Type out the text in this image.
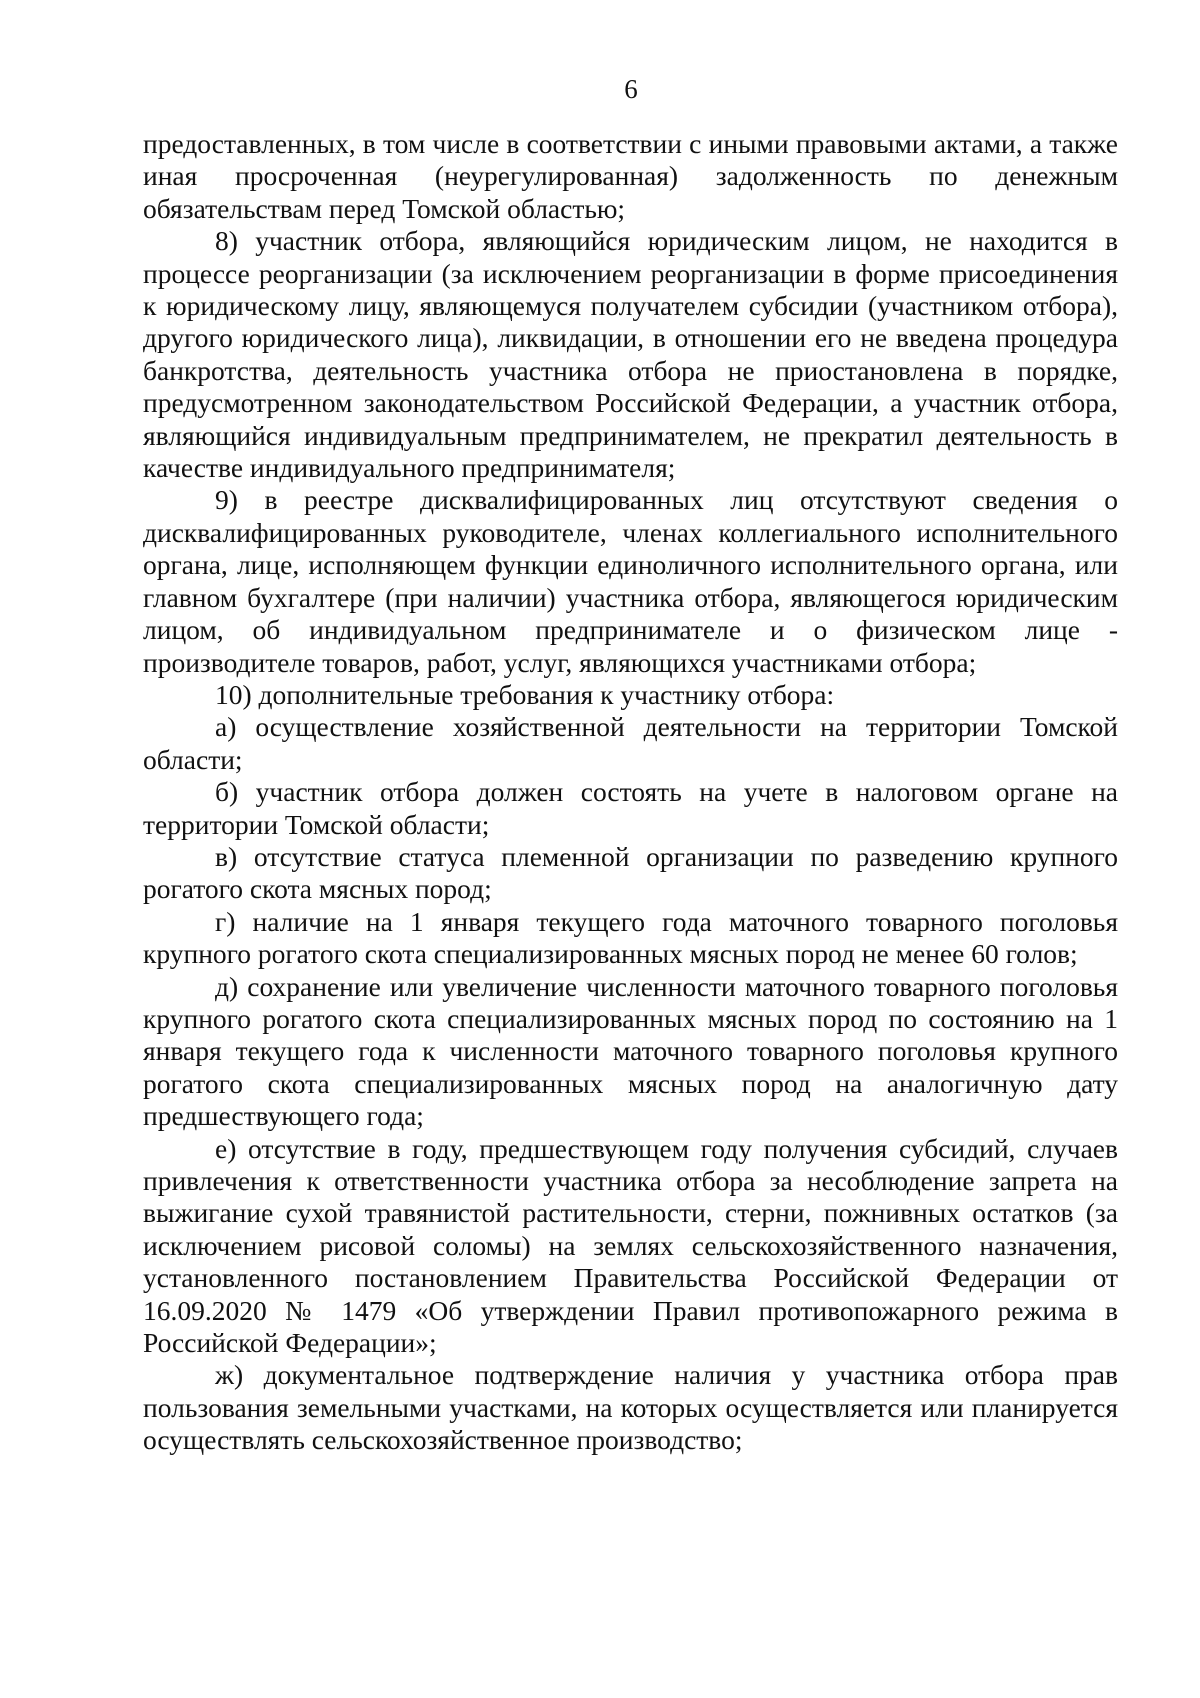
6

предоставленных, в том числе в соответствии с иными правовыми актами, а также иная просроченная (неурегулированная) задолженность по денежным обязательствам перед Томской областью;

8) участник отбора, являющийся юридическим лицом, не находится в процессе реорганизации (за исключением реорганизации в форме присоединения к юридическому лицу, являющемуся получателем субсидии (участником отбора), другого юридического лица), ликвидации, в отношении его не введена процедура банкротства, деятельность участника отбора не приостановлена в порядке, предусмотренном законодательством Российской Федерации, а участник отбора, являющийся индивидуальным предпринимателем, не прекратил деятельность в качестве индивидуального предпринимателя;

9) в реестре дисквалифицированных лиц отсутствуют сведения о дисквалифицированных руководителе, членах коллегиального исполнительного органа, лице, исполняющем функции единоличного исполнительного органа, или главном бухгалтере (при наличии) участника отбора, являющегося юридическим лицом, об индивидуальном предпринимателе и о физическом лице - производителе товаров, работ, услуг, являющихся участниками отбора;

10) дополнительные требования к участнику отбора:

а) осуществление хозяйственной деятельности на территории Томской области;

б) участник отбора должен состоять на учете в налоговом органе на территории Томской области;

в) отсутствие статуса племенной организации по разведению крупного рогатого скота мясных пород;

г) наличие на 1 января текущего года маточного товарного поголовья крупного рогатого скота специализированных мясных пород не менее 60 голов;

д) сохранение или увеличение численности маточного товарного поголовья крупного рогатого скота специализированных мясных пород по состоянию на 1 января текущего года к численности маточного товарного поголовья крупного рогатого скота специализированных мясных пород на аналогичную дату предшествующего года;

е) отсутствие в году, предшествующем году получения субсидий, случаев привлечения к ответственности участника отбора за несоблюдение запрета на выжигание сухой травянистой растительности, стерни, пожнивных остатков (за исключением рисовой соломы) на землях сельскохозяйственного назначения, установленного постановлением Правительства Российской Федерации от 16.09.2020 № 1479 «Об утверждении Правил противопожарного режима в Российской Федерации»;

ж) документальное подтверждение наличия у участника отбора прав пользования земельными участками, на которых осуществляется или планируется осуществлять сельскохозяйственное производство;
